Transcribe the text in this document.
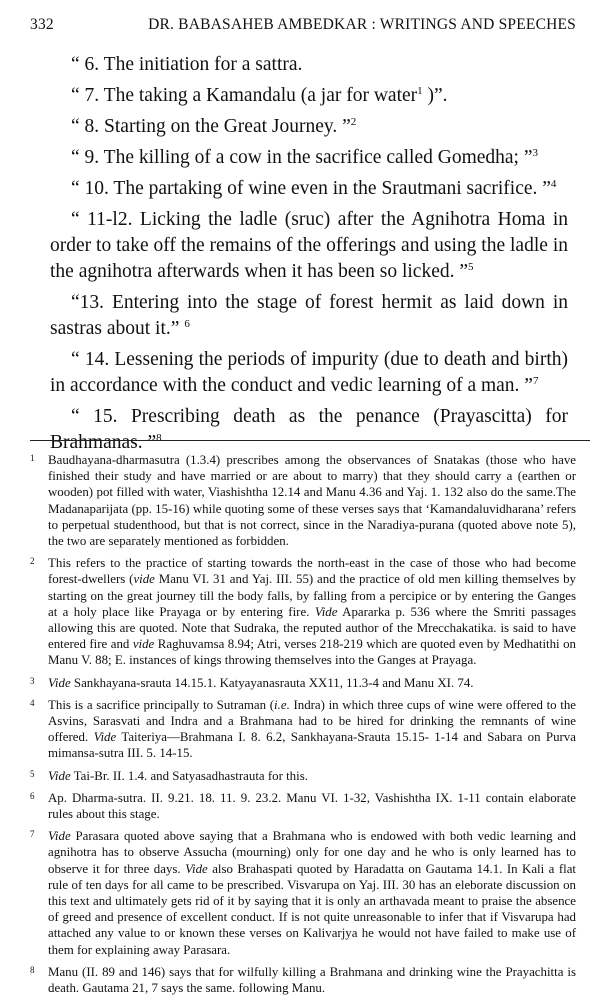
332	DR. BABASAHEB AMBEDKAR : WRITINGS AND SPEECHES

“ 6. The initiation for a sattra.

“ 7. The taking a Kamandalu (a jar for water$^1$ )”.

“ 8. Starting on the Great Journey. ”$^2$

“ 9. The killing of a cow in the sacrifice called Gomedha; ”$^3$

“ 10. The partaking of wine even in the Srautmani sacrifice. ”$^4$

“ 11-l2. Licking the ladle (sruc) after the Agnihotra Homa in order to take off the remains of the offerings and using the ladle in the agnihotra afterwards when it has been so licked. ”$^5$

“13. Entering into the stage of forest hermit as laid down in sastras about it.” $^6$

“ 14. Lessening the periods of impurity (due to death and birth) in accordance with the conduct and vedic learning of a man. ”$^7$

“ 15. Prescribing death as the penance (Prayascitta) for Brahmanas. ”$^8$

1 Baudhayana-dharmasutra (1.3.4) prescribes among the observances of Snatakas (those who have finished their study and have married or are about to marry) that they should carry a (earthen or wooden) pot filled with water, Viashishtha 12.14 and Manu 4.36 and Yaj. 1. 132 also do the same.The Madanaparijata (pp. 15-16) while quoting some of these verses says that ‘Kamandaluvidharana’ refers to perpetual studenthood, but that is not correct, since in the Naradiya-purana (quoted above note 5), the two are separately mentioned as forbidden.
2 This refers to the practice of starting towards the north-east in the case of those who had become forest-dwellers (vide Manu VI. 31 and Yaj. III. 55) and the practice of old men killing themselves by starting on the great journey till the body falls, by falling from a percipice or by entering the Ganges at a holy place like Prayaga or by entering fire. Vide Apararka p. 536 where the Smriti passages allowing this are quoted. Note that Sudraka, the reputed author of the Mrecchakatika. is said to have entered fire and vide Raghuvamsa 8.94; Atri, verses 218-219 which are quoted even by Medhatithi on Manu V. 88; E. instances of kings throwing themselves into the Ganges at Prayaga.
3 Vide Sankhayana-srauta 14.15.1. Katyayanasrauta XX11, 11.3-4 and Manu XI. 74.
4 This is a sacrifice principally to Sutraman (i.e. Indra) in which three cups of wine were offered to the Asvins, Sarasvati and Indra and a Brahmana had to be hired for drinking the remnants of wine offered. Vide Taiteriya—Brahmana I. 8. 6.2, Sankhayana-Srauta 15.15- 1-14 and Sabara on Purva mimansa-sutra III. 5. 14-15.
5 Vide Tai-Br. II. 1.4. and Satyasadhastrauta for this.
6 Ap. Dharma-sutra. II. 9.21. 18. 11. 9. 23.2. Manu VI. 1-32, Vashishtha IX. 1-11 contain elaborate rules about this stage.
7 Vide Parasara quoted above saying that a Brahmana who is endowed with both vedic learning and agnihotra has to observe Assucha (mourning) only for one day and he who is only learned has to observe it for three days. Vide also Brahaspati quoted by Haradatta on Gautama 14.1. In Kali a flat rule of ten days for all came to be prescribed. Visvarupa on Yaj. III. 30 has an eleborate discussion on this text and ultimately gets rid of it by saying that it is only an arthavada meant to praise the absence of greed and presence of excellent conduct. If is not quite unreasonable to infer that if Visvarupa had attached any value to or known these verses on Kalivarjya he would not have failed to make use of them for explaining away Parasara.
8 Manu (II. 89 and 146) says that for wilfully killing a Brahmana and drinking wine the Prayachitta is death. Gautama 21, 7 says the same. following Manu.
